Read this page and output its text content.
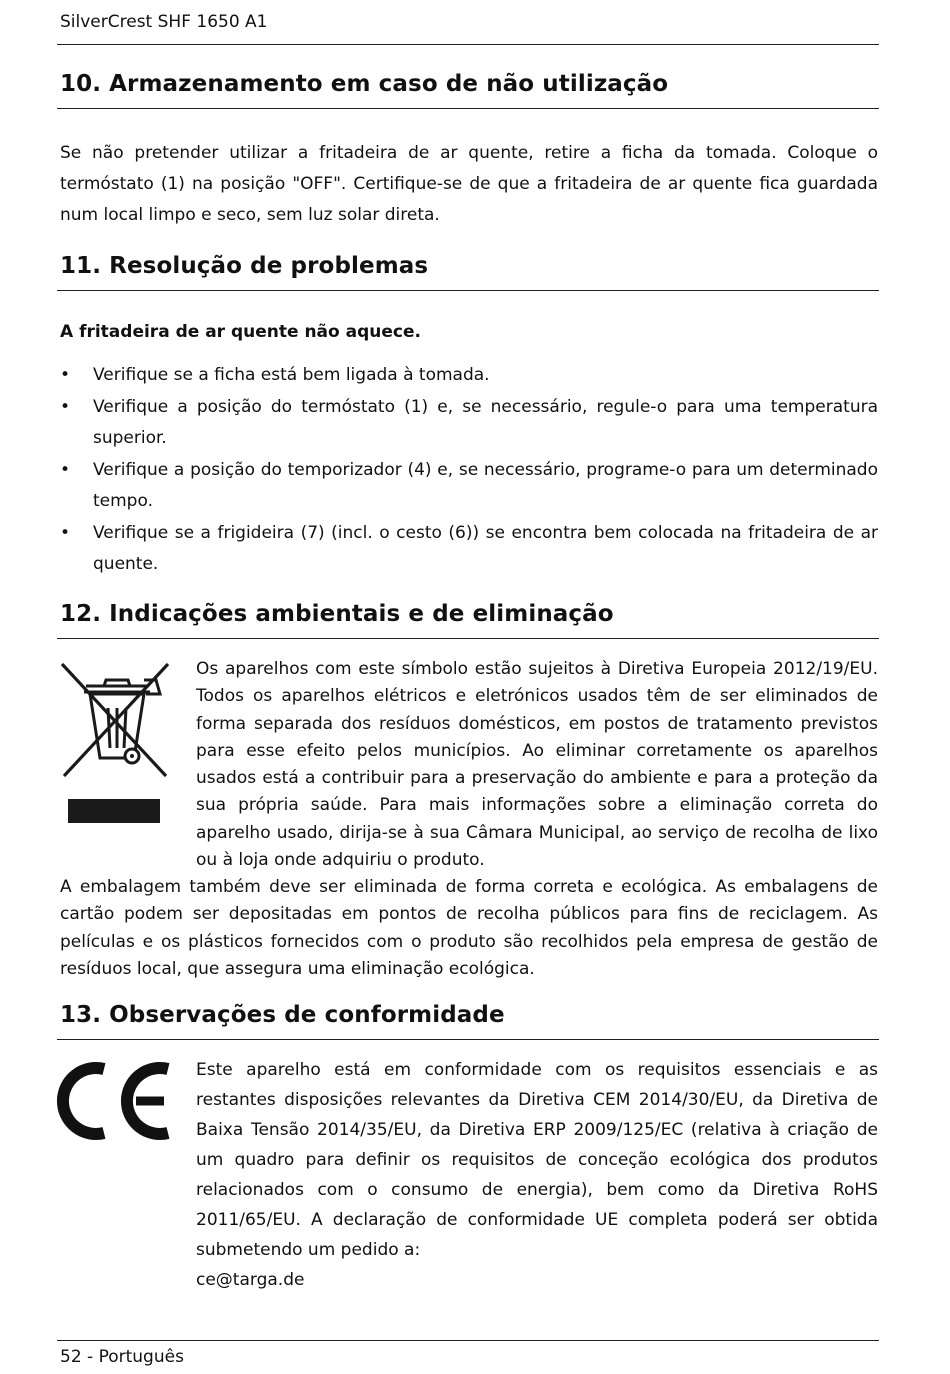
SilverCrest SHF 1650 A1
10. Armazenamento em caso de não utilização

Se não pretender utilizar a fritadeira de ar quente, retire a ficha da tomada. Coloque o termóstato (1) na posição "OFF". Certifique-se de que a fritadeira de ar quente fica guardada num local limpo e seco, sem luz solar direta.

11. Resolução de problemas
A fritadeira de ar quente não aquece.
• Verifique se a ficha está bem ligada à tomada.
• Verifique a posição do termóstato (1) e, se necessário, regule-o para uma temperatura superior.
• Verifique a posição do temporizador (4) e, se necessário, programe-o para um determinado tempo.
• Verifique se a frigideira (7) (incl. o cesto (6)) se encontra bem colocada na fritadeira de ar quente.
12. Indicações ambientais e de eliminação

Os aparelhos com este símbolo estão sujeitos à Diretiva Europeia 2012/19/EU. Todos os aparelhos elétricos e eletrónicos usados têm de ser eliminados de forma separada dos resíduos domésticos, em postos de tratamento previstos para esse efeito pelos municípios. Ao eliminar corretamente os aparelhos usados está a contribuir para a preservação do ambiente e para a proteção da sua própria saúde. Para mais informações sobre a eliminação correta do aparelho usado, dirija-se à sua Câmara Municipal, ao serviço de recolha de lixo ou à loja onde adquiriu o produto.

A embalagem também deve ser eliminada de forma correta e ecológica. As embalagens de cartão podem ser depositadas em pontos de recolha públicos para fins de reciclagem. As películas e os plásticos fornecidos com o produto são recolhidos pela empresa de gestão de resíduos local, que assegura uma eliminação ecológica.

13. Observações de conformidade

Este aparelho está em conformidade com os requisitos essenciais e as restantes disposições relevantes da Diretiva CEM 2014/30/EU, da Diretiva de Baixa Tensão 2014/35/EU, da Diretiva ERP 2009/125/EC (relativa à criação de um quadro para definir os requisitos de conceção ecológica dos produtos relacionados com o consumo de energia), bem como da Diretiva RoHS 2011/65/EU. A declaração de conformidade UE completa poderá ser obtida submetendo um pedido a:

ce@targa.de
52 - Português
